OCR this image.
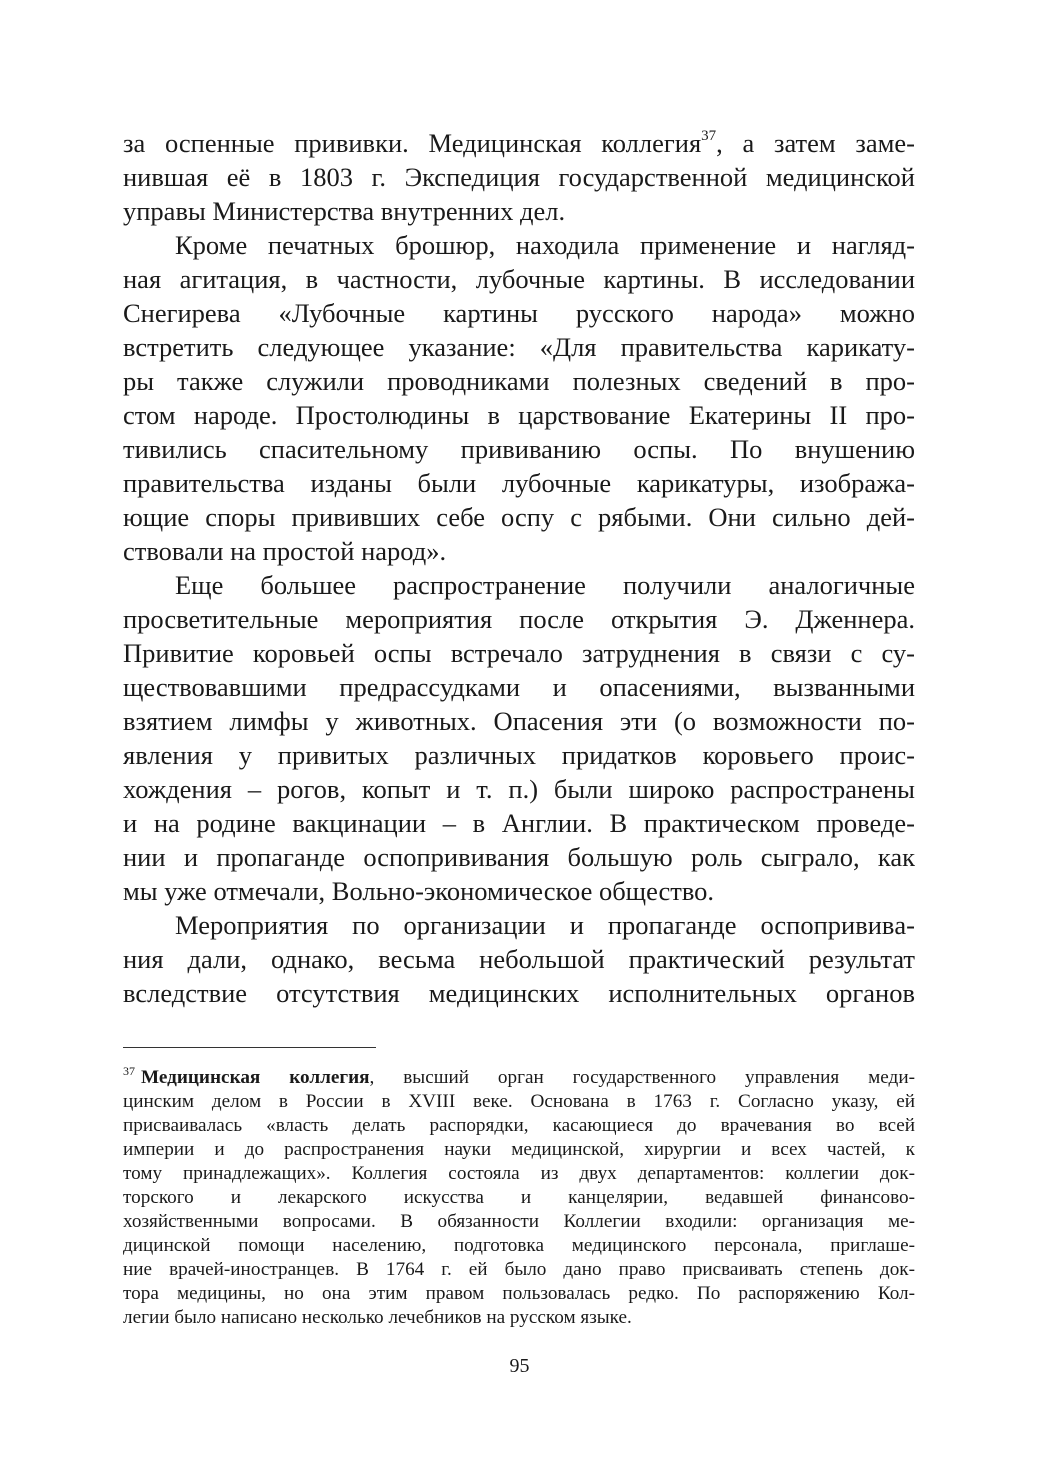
за оспенные прививки. Медицинская коллегия$^{37}$, а затем заме-
нившая её в 1803 г. Экспедиция государственной медицинской
управы Министерства внутренних дел.
Кроме печатных брошюр, находила применение и нагляд-
ная агитация, в частности, лубочные картины. В исследовании
Снегирева «Лубочные картины русского народа» можно
встретить следующее указание: «Для правительства карикату-
ры также служили проводниками полезных сведений в про-
стом народе. Простолюдины в царствование Екатерины II про-
тивились спасительному прививанию оспы. По внушению
правительства изданы были лубочные карикатуры, изобража-
ющие споры прививших себе оспу с рябыми. Они сильно дей-
ствовали на простой народ».
Еще большее распространение получили аналогичные
просветительные мероприятия после открытия Э. Дженнера.
Привитие коровьей оспы встречало затруднения в связи с су-
ществовавшими предрассудками и опасениями, вызванными
взятием лимфы у животных. Опасения эти (о возможности по-
явления у привитых различных придатков коровьего проис-
хождения – рогов, копыт и т. п.) были широко распространены
и на родине вакцинации – в Англии. В практическом проведе-
нии и пропаганде оспопрививания большую роль сыграло, как
мы уже отмечали, Вольно-экономическое общество.
Мероприятия по организации и пропаганде оспопрививa-
ния дали, однако, весьма небольшой практический результат
вследствие отсутствия медицинских исполнительных органов
$^{37}$ Медицинская коллегия, высший орган государственного управления меди-
цинским делом в России в XVIII веке. Основана в 1763 г. Согласно указу, ей
присваивалась «власть делать распорядки, касающиеся до врачевания во всей
империи и до распространения науки медицинской, хирургии и всех частей, к
тому принадлежащих». Коллегия состояла из двух департаментов: коллегии док-
торского и лекарского искусства и канцелярии, ведавшей финансово-
хозяйственными вопросами. В обязанности Коллегии входили: организация ме-
дицинской помощи населению, подготовка медицинского персонала, приглаше-
ние врачей-иностранцев. В 1764 г. ей было дано право присваивать степень док-
тора медицины, но она этим правом пользовалась редко. По распоряжению Кол-
легии было написано несколько лечебников на русском языке.
95
